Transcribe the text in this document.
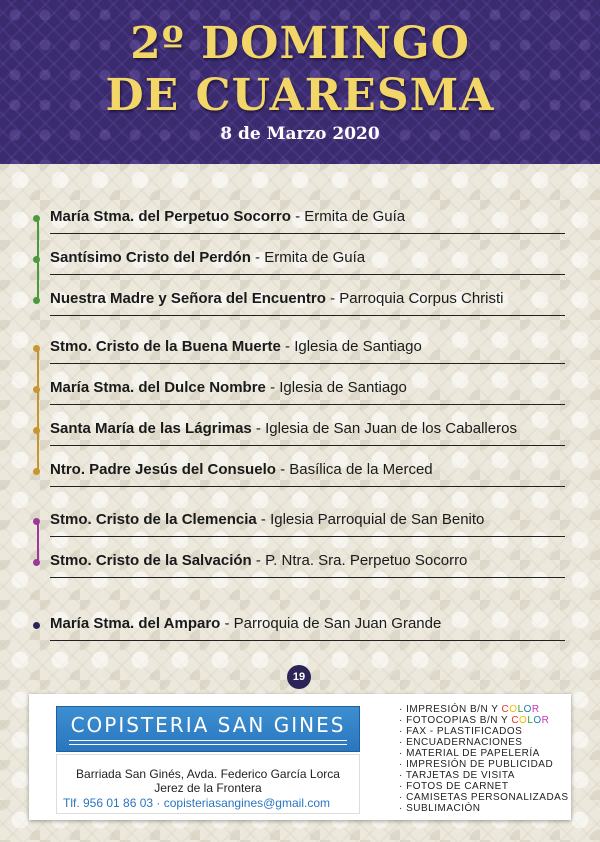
2º DOMINGO
DE CUARESMA
8 de Marzo 2020
María Stma. del Perpetuo Socorro - Ermita de Guía
Santísimo Cristo del Perdón - Ermita de Guía
Nuestra Madre y Señora del Encuentro - Parroquia Corpus Christi
Stmo. Cristo de la Buena Muerte - Iglesia de Santiago
María Stma. del Dulce Nombre - Iglesia de Santiago
Santa María de las Lágrimas - Iglesia de San Juan de los Caballeros
Ntro. Padre Jesús del Consuelo - Basílica de la Merced
Stmo. Cristo de la Clemencia - Iglesia Parroquial de San Benito
Stmo. Cristo de la Salvación - P. Ntra. Sra. Perpetuo Socorro
María Stma. del Amparo - Parroquia de San Juan Grande
19
COPISTERIA SAN GINES
Barriada San Ginés, Avda. Federico García Lorca
Jerez de la Frontera
Tlf. 956 01 86 03 · copisteriasangines@gmail.com
· IMPRESIÓN B/N Y COLOR
· FOTOCOPIAS B/N Y COLOR
· FAX - PLASTIFICADOS
· ENCUADERNACIONES
· MATERIAL DE PAPELERÍA
· IMPRESIÓN DE PUBLICIDAD
· TARJETAS DE VISITA
· FOTOS DE CARNET
· CAMISETAS PERSONALIZADAS
· SUBLIMACIÓN
